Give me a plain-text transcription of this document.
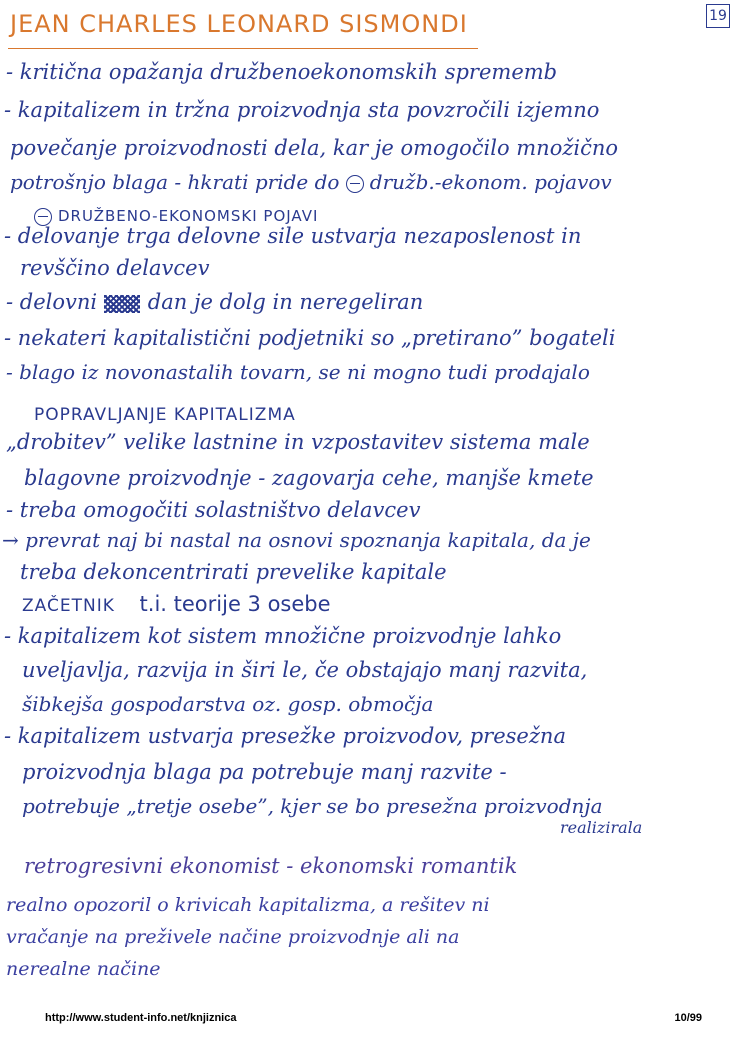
JEAN CHARLES LEONARD SISMONDI	19
- kritična opažanja družbenoekonomskih sprememb
- kapitalizem in tržna proizvodnja sta povzročili izjemno
povečanje proizvodnosti dela, kar je omogočilo množično
potrošnjo blaga - hkrati pride do družb.-ekonom. pojavov
DRUŽBENO-EKONOMSKI POJAVI
- delovanje trga delovne sile ustvarja nezaposlenost in
revščino delavcev
- delovni dan je dolg in neregeliran
- nekateri kapitalistični podjetniki so „pretirano” bogateli
- blago iz novonastalih tovarn, se ni mogno tudi prodajalo
POPRAVLJANJE KAPITALIZMA
„drobitev” velike lastnine in vzpostavitev sistema male
blagovne proizvodnje - zagovarja cehe, manjše kmete
- treba omogočiti solastništvo delavcev
→ prevrat naj bi nastal na osnovi spoznanja kapitala, da je
treba dekoncentrirati prevelike kapitale
ZAČETNIK t.i. teorije 3 osebe
- kapitalizem kot sistem množične proizvodnje lahko
uveljavlja, razvija in širi le, če obstajajo manj razvita,
šibkejša gospodarstva oz. gosp. območja
- kapitalizem ustvarja presežke proizvodov, presežna
proizvodnja blaga pa potrebuje manj razvite -
potrebuje „tretje osebe”, kjer se bo presežna proizvodnja
realizirala
retrogresivni ekonomist - ekonomski romantik
realno opozoril o krivicah kapitalizma, a rešitev ni
vračanje na preživele načine proizvodnje ali na
nerealne načine
http://www.student-info.net/knjiznica	10/99
